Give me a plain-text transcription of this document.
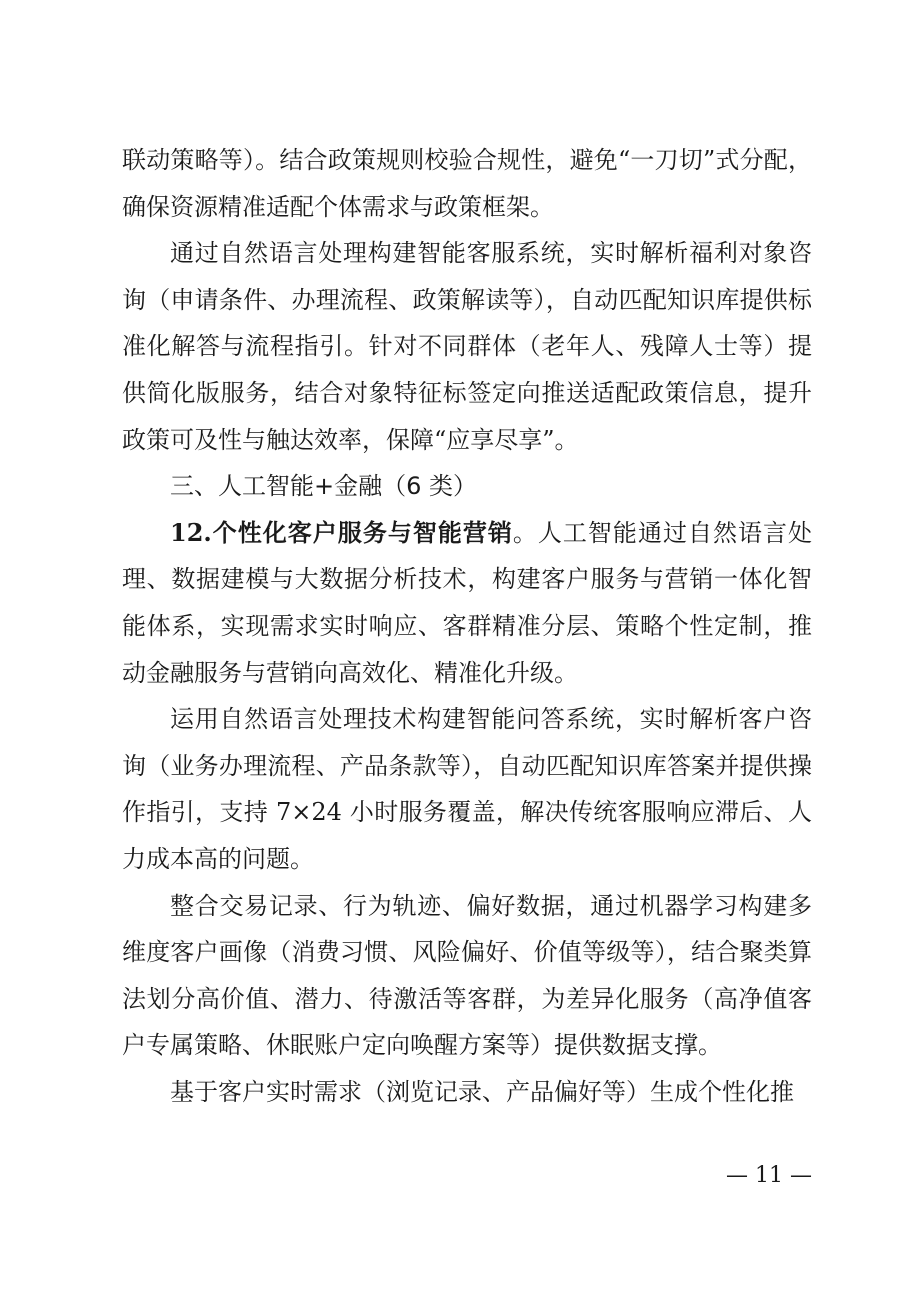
联动策略等）。结合政策规则校验合规性，避免“一刀切”式分配，确保资源精准适配个体需求与政策框架。

通过自然语言处理构建智能客服系统，实时解析福利对象咨询（申请条件、办理流程、政策解读等），自动匹配知识库提供标准化解答与流程指引。针对不同群体（老年人、残障人士等）提供简化版服务，结合对象特征标签定向推送适配政策信息，提升政策可及性与触达效率，保障“应享尽享”。

三、人工智能+金融（6 类）

12.个性化客户服务与智能营销。人工智能通过自然语言处理、数据建模与大数据分析技术，构建客户服务与营销一体化智能体系，实现需求实时响应、客群精准分层、策略个性定制，推动金融服务与营销向高效化、精准化升级。

运用自然语言处理技术构建智能问答系统，实时解析客户咨询（业务办理流程、产品条款等），自动匹配知识库答案并提供操作指引，支持 7×24 小时服务覆盖，解决传统客服响应滞后、人力成本高的问题。

整合交易记录、行为轨迹、偏好数据，通过机器学习构建多维度客户画像（消费习惯、风险偏好、价值等级等），结合聚类算法划分高价值、潜力、待激活等客群，为差异化服务（高净值客户专属策略、休眠账户定向唤醒方案等）提供数据支撑。

基于客户实时需求（浏览记录、产品偏好等）生成个性化推

— 11 —
